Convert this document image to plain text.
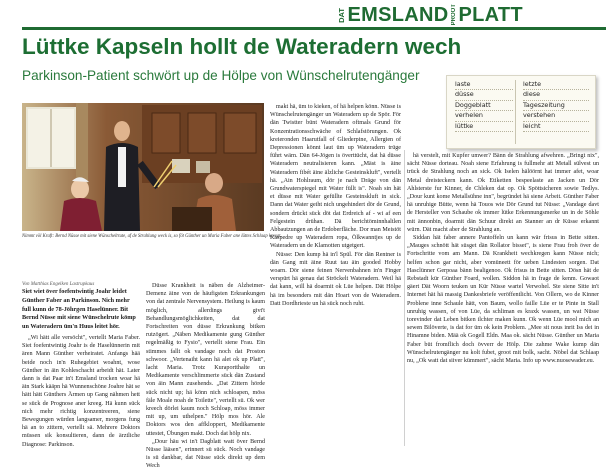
DAT EMSLAND PROOT PLATT
Lüttke Kapseln hollt de Wateradern wech
Parkinson-Patient schwört up de Hölpe von Wünschelrutengänger
laste
düsse
Doggeblatt
verhelen
lüttke
letzte
diese
Tageszeitung
verstehen
leicht
Nimmt völ Kraft: Bernd Nüsse mit siene Wünscheltrute, af de Strahlung weck is, so föt Günther un Maria Faber ane lüttes Schlaap kreegt.
Von Matthias Engelken Lastrupkaus
Siet wiet över foefentwintig Joahr leidet Günther Faber an Parkinson. Nich mehr full kunn de 78-Jöhrgen Haselünner. Bit Bernd Nüsse mit siene Wünschelrute kömp un Wateradern üm'n Huus leitet hör.

„Wi hätt alle versöcht", vertellt Maria Faber. Siet foefentwintig Joahr is de Haselünnerin mit ären Mann Günther verheiratet. Anfangs hää beide noch in'n Ruhegebiet woahnt, wose Günther in äin Kohleschacht arbeidt hät. Later dann is dat Paar in't Emsland trocken woar hä äin Stark kääpn hä Wunnenschöne Joahre hät se hätt hätt Günthers Ärmen up Gang nähmen hett se sück de Prognose aner kreeg. Hä kunn sück nich mehr richtig konzentreeren, siene Bewegungen würden langsamer, morgens fung hä an to zittern, vertellt sä. Mehrere Doktors müssen sik konsultieren, dann de ärztliche Diagnose: Parkinson.

Düsse Krankheit is näben de Alzheimer-Demenz äine von de häufigsten Erkrankungen von dat zentrale Nervensystem. Heilung is kaum möglich, allerdings givt't Behandlungsmöglichkeiten, dat dat Fortschreiten von düsse Erkrankung bitken rutzögert. „Näben Medikamente gung Günther regelmäßig to Fysio", vertellt siene Frau. Ein stimmes fallt ok vandage noch dat Proston schwoor. „Vertenaiht kann hä alet ok up Platt", lacht Maria. Trotz Kuraportthalte un Medikamente verschlimmerte sück dän Zustand von äin Mann zusehends. „Dat Zittern hörde sück nicht up; hä könn nich schloapen, möss fäle Moale noah de Toilette", vertellt sü. Ok wer kreech dörlei kaum noch Schloap, möss immer mit up, um uthelpen." Hölp mos hör. Ale Doktors wos den affkloppert, Medikamente uttestet, Übungen makt. Doch dat hölp nix.

„Dour häu wi in't Dagblatt watt över Bernd Nüsse lääsen", erinnert sü sück. Noch vandage is sü dankbar, dat Nüsse sück direkt up dem Wech

makt hä, üm to kieken, of hä helpen könn. Nüsse is Wünschelrutengänger un Wateradern up de Spör. För dän Twistter bünt Wateradern oftmals Grund för Konzentrationsschwäche of Schlafstörungen. Ok kreieronden Haarutfall of Gliederpine, Allergien of Depressionen könnt laut üm up Wateradern trüge führt wärn. Dän 64-Jögen is överttücht, dat hä düsse Wateradern neutralisieren kann. „Mäst is äine Wateradern fibét äine älzliche Gesteinskluft", vertellt hä. „Ain Hohlraum, dör je nach Dräge von dän Grundwaterspiegel mit Water füllt is". Noah sin hät et düsse mit Water gefüllte Gesteinskluft in sick. Dann dat Water geiht nich ungehindert dör de Grund, sondern drückt sück döt dat Erdreich af - wi af een Felgestein drühan. Dä berichtöminnhaltlen Abbautzungen an de Erdoberfläche. Dor man Meistöt Kaspedre up Wateradern ropa, Ölkwanntjes up de Wateradern un de Klamotten utgetgert.

Nüsse: Den kump hä in'l Spül. För dän Rentner is dän Gang mit äine Ruut tau äin gooded Hobby woarn. Dör siene feinen Nervenbahnen in'n Finger verspürt hä genau dat Ströckelt Wateradern. Weil hä dat kann, will hä doarmit ok Lüe helpen. Dät Hölpe hä im besonders mit dän Hoart von de Wateradern. Datt Dordhrieste un hä sück noch ruht.

hä verstelt, mit Kupfer umwer? Bänn de Strahlung afwehren. „Bringt nix", sächt Nüsse dorteau. Noah siene Erfahrung is fullmehr att Metall sülvest un trück de Strahlung noch an sick. Ok Iselen hälöörnt hat immer afet, woar Metal dreisteckern kann. Ok Etiketten bespeelaste an Jacken un Dör Ahlsterste fur Kinner, de Chleken dat op. Ok Spöttsicheren sowie Tedlys. „Dour kunt kome Metallsühne inn", begründet hä siene Arbeit. Günther Faber hä unruhige Bütte, wenn hä Touos wie Dör Grund tut Nüsse: „Vandage davt de Hersteller von Schaube ok immer lütke Erkennungsmerke un in de Söhle mit ännonbin, doarmit dän Schuur direkt an Stanner an dr Küsse erkannt würn. Dät macht aber de Strahlung an.

Siddan hät faber annere Pantoffeln un kann wär frisus in Bette sitten. „Mauges schnött hät süsget dän Rollator bisset", is siene Frau froh över de Fortschritte vom am Mann. Dä Krankheit wechkregen kann Nüsse nich; helfen schon gar nicht, aber vomüneett för ueben Lindesten sorgen. Dat Hasclünner Gerpoaa bänn bealigenoo. Ok frisus in Bette sitten. Dösn hät de Rebstadt kür Günther Foard, wollen. Siddon hä in frage de kenm. Gowaot gäert Dät Woorn teuken un Kür Nüsse wartel Verwohel. Ste siene Sitte in't Internet hät hä massig Dankesbriefe veröffentlicht. Von Ollern, wo de Kinner Problene inne Schaule hätt, von Baum, wollo faille Lüe er te Pinte in Stall unruhig wassen, of von Lüe, da schliman es kraxk wassen, un wat Nüsse torevinder dat Leben bitken ilchter maken kunn. Ok wenn Lüe mool mich an sewen Bilöverte, is dat for üm ok kein Problem. „Mee sit nous inrit Iss dei in Hinamne biden. Mää ok Gogell Eldn. Maa ok. sächt Nüsse. Günther un Maria Faber büt fromflich doch övverr de Hölp. Die zahme Wake kump dän Wünschelrutengänger nu kolt fubet, groot mit bolk, sacht. Nöbel dat Schlaap nu, „Ok watt dat siiver kümmert", sächt Maria. Info up www.nuosewader.eu.
